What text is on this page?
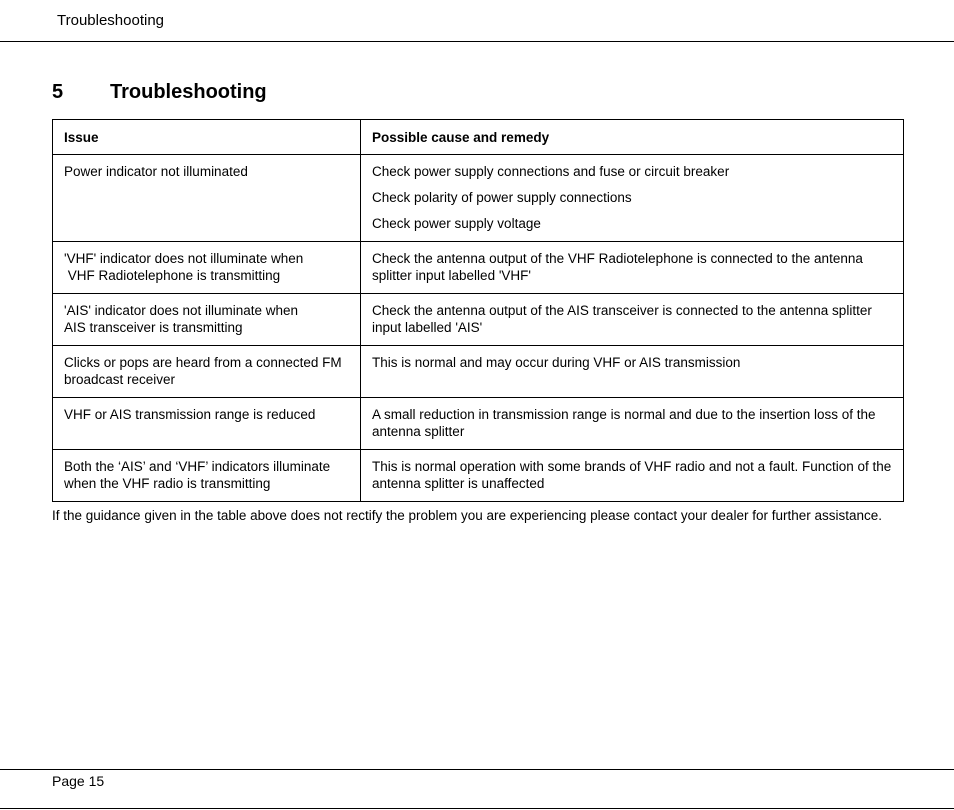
Troubleshooting
5	Troubleshooting
Issue	Possible cause and remedy

Power indicator not illuminated	Check power supply connections and fuse or circuit breaker

Check polarity of power supply connections

Check power supply voltage

'VHF' indicator does not illuminate when
VHF Radiotelephone is transmitting	Check the antenna output of the VHF Radiotelephone is connected to the antenna splitter input labelled 'VHF'

'AIS' indicator does not illuminate when
AIS transceiver is transmitting	Check the antenna output of the AIS transceiver is connected to the antenna splitter input labelled 'AIS'

Clicks or pops are heard from a connected FM broadcast receiver	This is normal and may occur during VHF or AIS transmission

VHF or AIS transmission range is reduced	A small reduction in transmission range is normal and due to the insertion loss of the antenna splitter

Both the ‘AIS’ and ‘VHF’ indicators illuminate when the VHF radio is transmitting	This is normal operation with some brands of VHF radio and not a fault. Function of the antenna splitter is unaffected
If the guidance given in the table above does not rectify the problem you are experiencing please contact your dealer for further assistance.
Page 15
